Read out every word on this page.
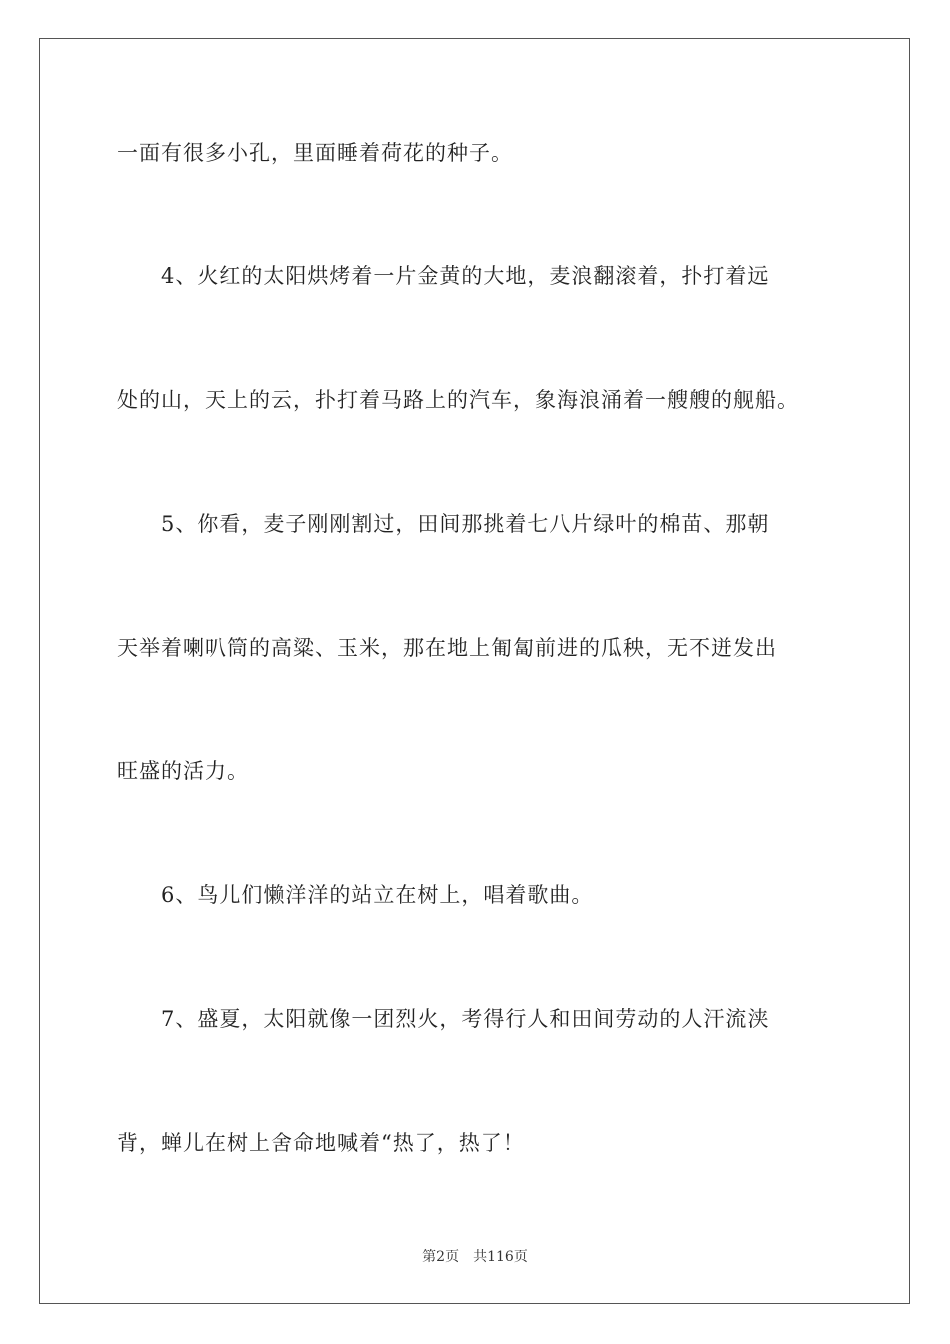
一面有很多小孔，里面睡着荷花的种子。
4、火红的太阳烘烤着一片金黄的大地，麦浪翻滚着，扑打着远
处的山，天上的云，扑打着马路上的汽车，象海浪涌着一艘艘的舰船。
5、你看，麦子刚刚割过，田间那挑着七八片绿叶的棉苗、那朝
天举着喇叭筒的高粱、玉米，那在地上匍匐前进的瓜秧，无不迸发出
旺盛的活力。
6、鸟儿们懒洋洋的站立在树上，唱着歌曲。
7、盛夏，太阳就像一团烈火，考得行人和田间劳动的人汗流浃
背，蝉儿在树上舍命地喊着“热了，热了！
第2页 共116页
